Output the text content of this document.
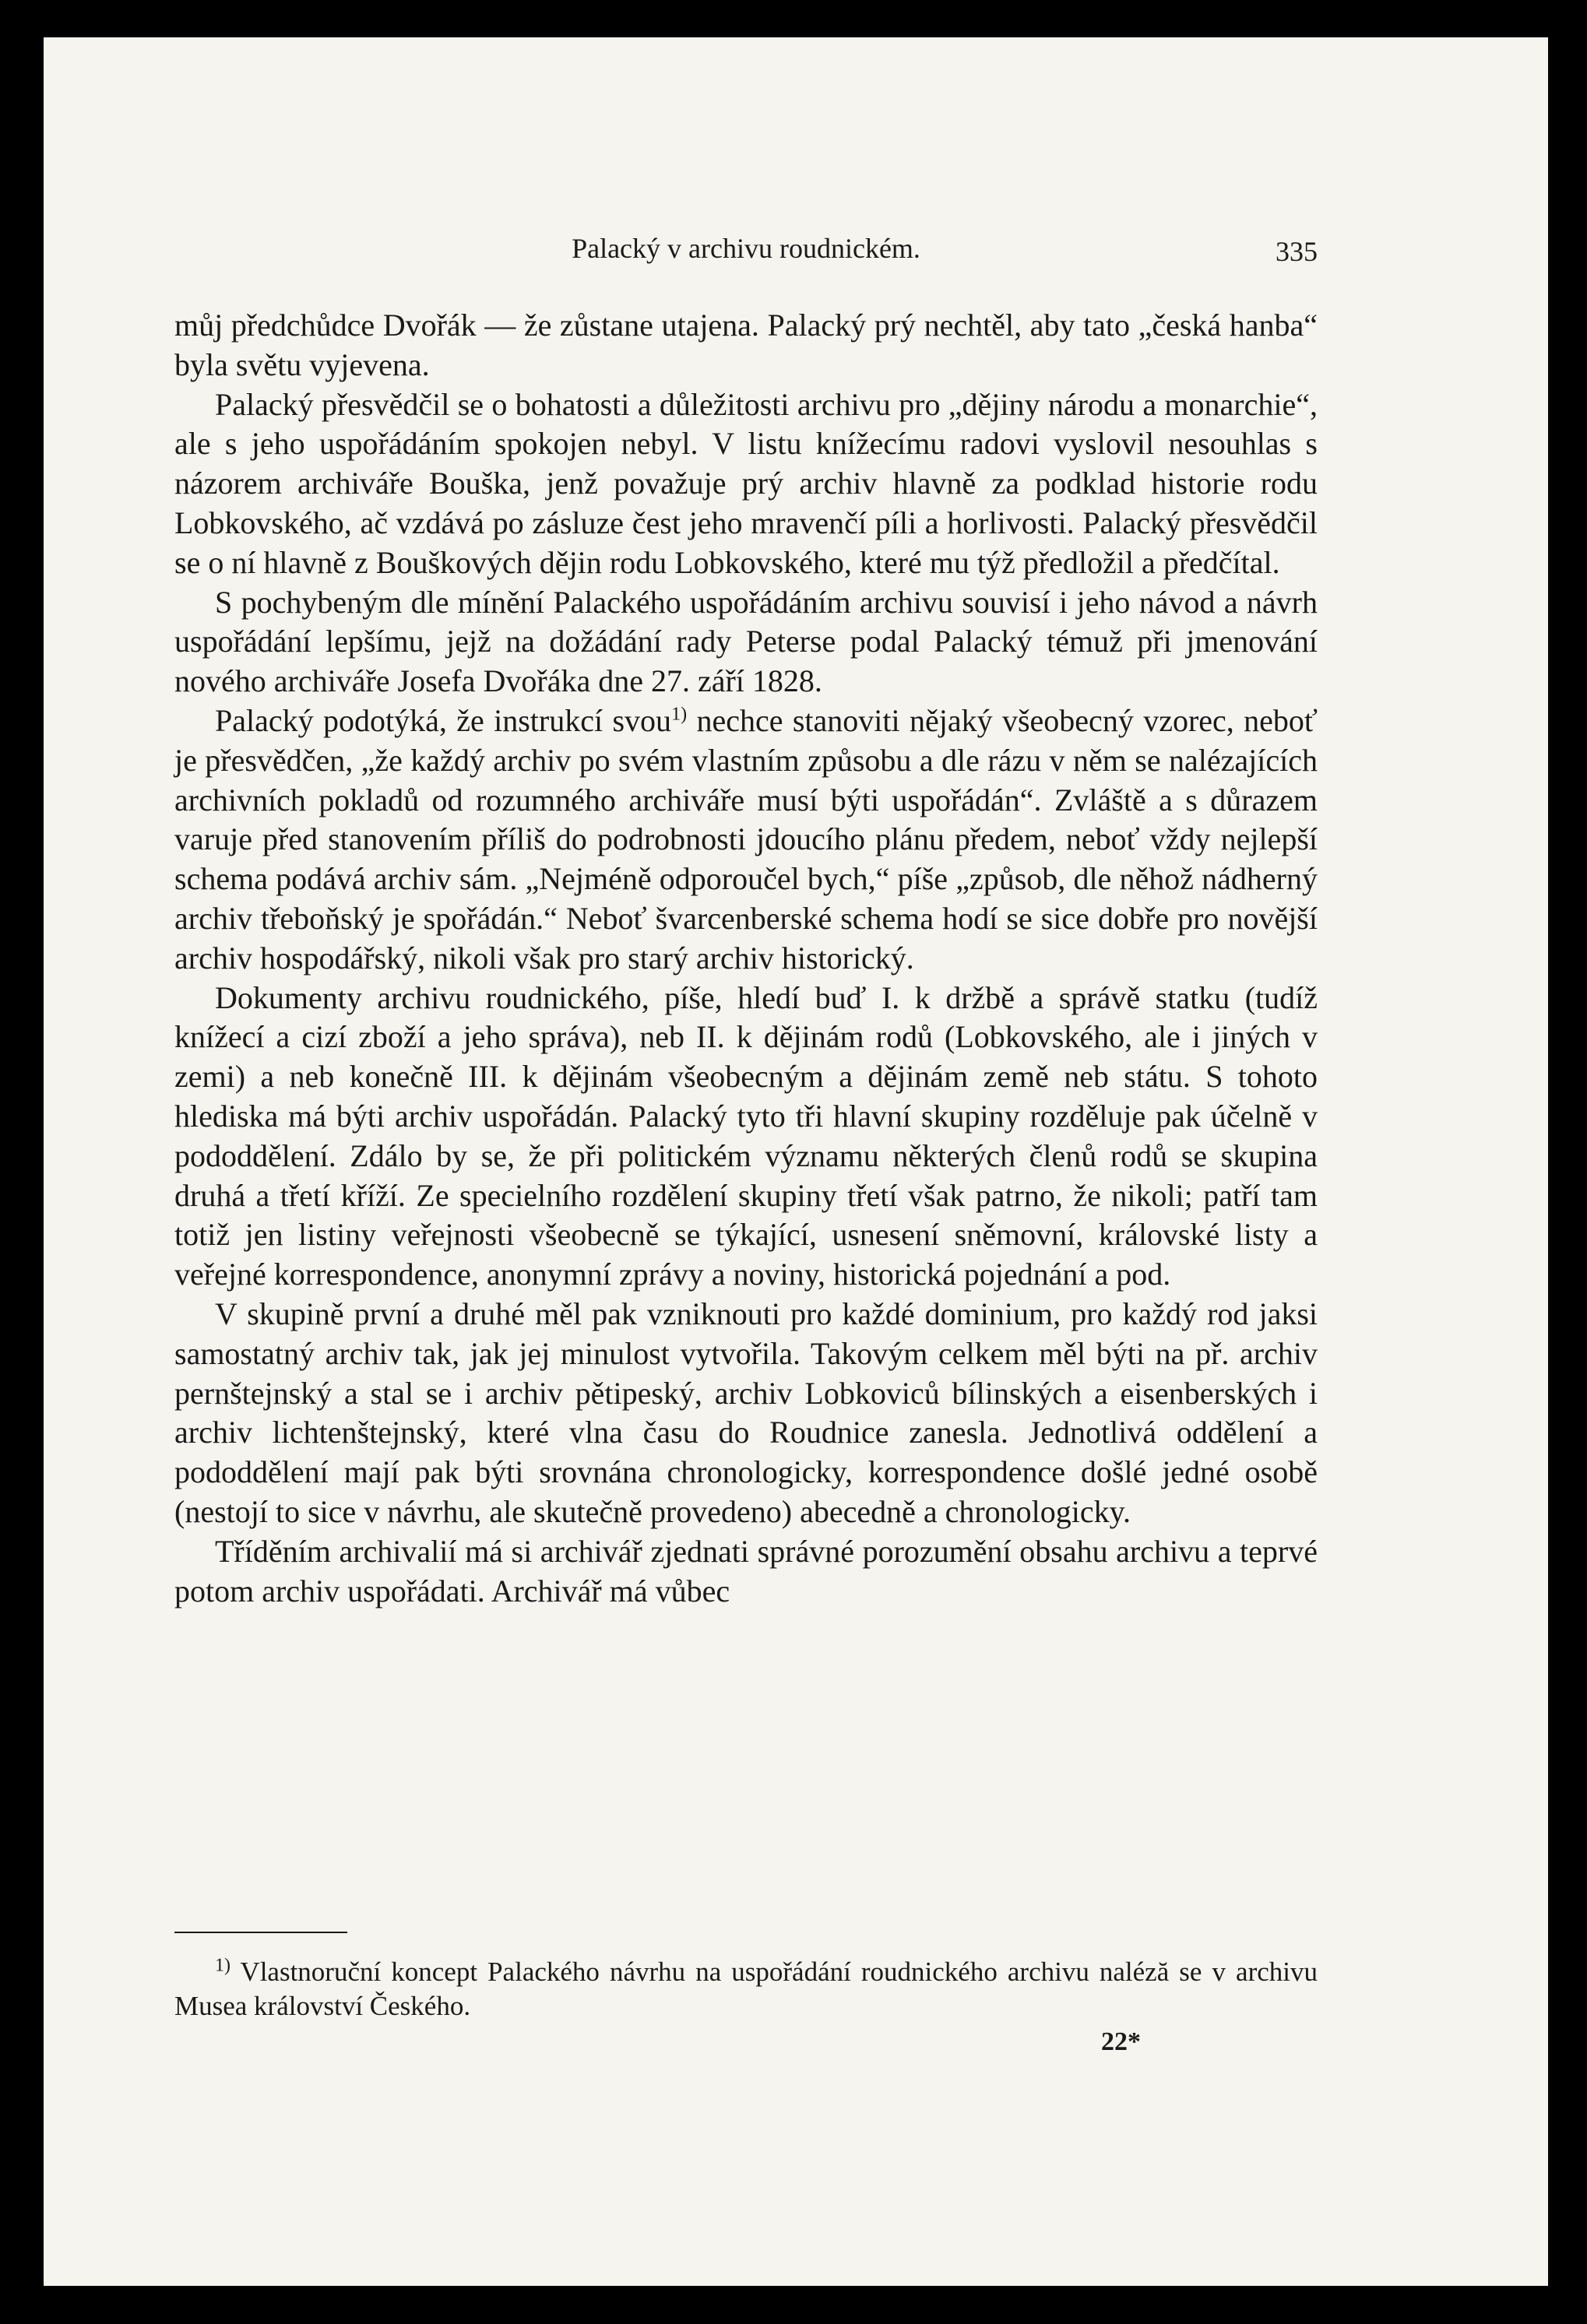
Palacký v archivu roudnickém.	335

můj předchůdce Dvořák — že zůstane utajena. Palacký prý nechtěl, aby tato „česká hanba“ byla světu vyjevena.

Palacký přesvědčil se o bohatosti a důležitosti archivu pro „dějiny národu a monarchie“, ale s jeho uspořádáním spokojen nebyl. V listu knížecímu radovi vyslovil nesouhlas s názorem archiváře Bouška, jenž považuje prý archiv hlavně za podklad historie rodu Lobkovského, ač vzdává po zásluze čest jeho mravenčí píli a horlivosti. Palacký přesvědčil se o ní hlavně z Bouškových dějin rodu Lobkovského, které mu týž předložil a předčítal.

S pochybeným dle mínění Palackého uspořádáním archivu souvisí i jeho návod a návrh uspořádání lepšímu, jejž na dožádání rady Peterse podal Palacký témuž při jmenování nového archiváře Josefa Dvořáka dne 27. září 1828.

Palacký podotýká, že instrukcí svou$^{1)}$ nechce stanoviti nějaký všeobecný vzorec, neboť je přesvědčen, „že každý archiv po svém vlastním způsobu a dle rázu v něm se nalézajících archivních pokladů od rozumného archiváře musí býti uspořádán“. Zvláště a s důrazem varuje před stanovením příliš do podrobnosti jdoucího plánu předem, neboť vždy nejlepší schema podává archiv sám. „Nejméně odporoučel bych,“ píše „způsob, dle něhož nádherný archiv třeboňský je spořádán.“ Neboť švarcenberské schema hodí se sice dobře pro novější archiv hospodářský, nikoli však pro starý archiv historický.

Dokumenty archivu roudnického, píše, hledí buď I. k držbě a správě statku (tudíž knížecí a cizí zboží a jeho správa), neb II. k dějinám rodů (Lobkovského, ale i jiných v zemi) a neb konečně III. k dějinám všeobecným a dějinám země neb státu. S tohoto hlediska má býti archiv uspořádán. Palacký tyto tři hlavní skupiny rozděluje pak účelně v pododdělení. Zdálo by se, že při politickém významu některých členů rodů se skupina druhá a třetí kříží. Ze specielního rozdělení skupiny třetí však patrno, že nikoli; patří tam totiž jen listiny veřejnosti všeobecně se týkající, usnesení sněmovní, královské listy a veřejné korrespondence, anonymní zprávy a noviny, historická pojednání a pod.

V skupině první a druhé měl pak vzniknouti pro každé dominium, pro každý rod jaksi samostatný archiv tak, jak jej minulost vytvořila. Takovým celkem měl býti na př. archiv pernštejnský a stal se i archiv pětipeský, archiv Lobkoviců bílinských a eisenberských i archiv lichtenštejnský, které vlna času do Roudnice zanesla. Jednotlivá oddělení a pododdělení mají pak býti srovnána chronologicky, korrespondence došlé jedné osobě (nestojí to sice v návrhu, ale skutečně provedeno) abecedně a chronologicky.

Tříděním archivalií má si archivář zjednati správné porozumění obsahu archivu a teprvé potom archiv uspořádati. Archivář má vůbec

$^{1)}$ Vlastnoruční koncept Palackého návrhu na uspořádání roudnického archivu naléză se v archivu Musea království Českého.

22*
